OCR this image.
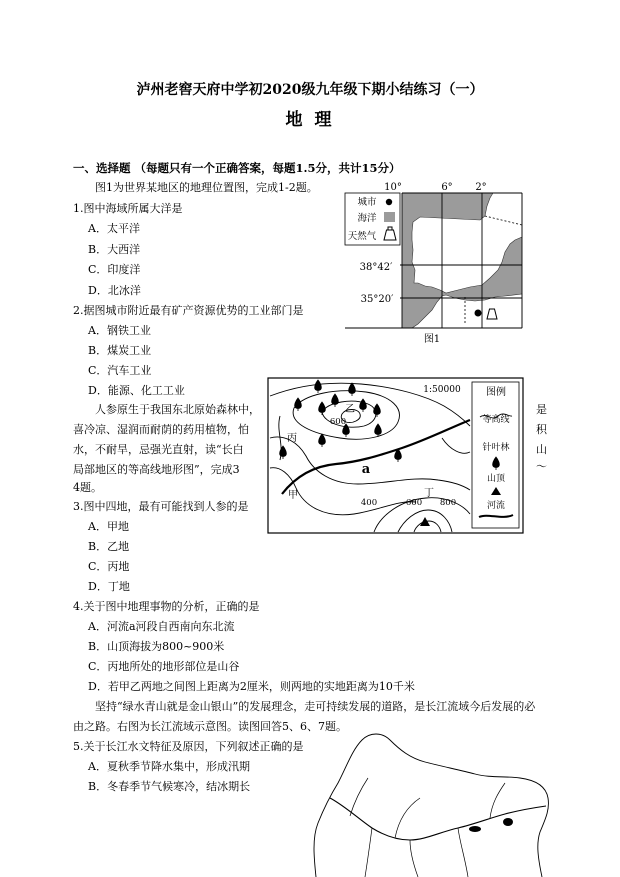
泸州老窖天府中学初2020级九年级下期小结练习（一）
地 理
一、选择题 （每题只有一个正确答案，每题1.5分，共计15分）
图1为世界某地区的地理位置图，完成1-2题。
1.图中海域所属大洋是
A．太平洋
B．大西洋
C．印度洋
D．北冰洋
2.据图城市附近最有矿产资源优势的工业部门是
A．钢铁工业
B．煤炭工业
C．汽车工业
D．能源、化工工业
10°	6° 2°
38°42′
35°20′
城市
海洋
天然气
图1
人参原生于我国东北原始森林中，
喜冷凉、湿润而耐荫的药用植物，怕
水，不耐旱，忌强光直射，读“长白
局部地区的等高线地形图”，完成3
4题。
是
积
山
～
乙
600
丙
a
甲
400	600
丁
800
1:50000	图例
等高线
针叶林
山顶
河流
3.图中四地，最有可能找到人参的是
A．甲地
B．乙地
C．丙地
D．丁地
4.关于图中地理事物的分析，正确的是
A．河流a河段自西南向东北流
B．山顶海拔为800~900米
C．丙地所处的地形部位是山谷
D．若甲乙两地之间图上距离为2厘米，则两地的实地距离为10千米
坚持“绿水青山就是金山银山”的发展理念，走可持续发展的道路，是长江流域今后发展的必
由之路。右图为长江流域示意图。读图回答5、6、7题。
5.关于长江水文特征及原因，下列叙述正确的是
A．夏秋季节降水集中，形成汛期
B．冬春季节气候寒冷，结冰期长
